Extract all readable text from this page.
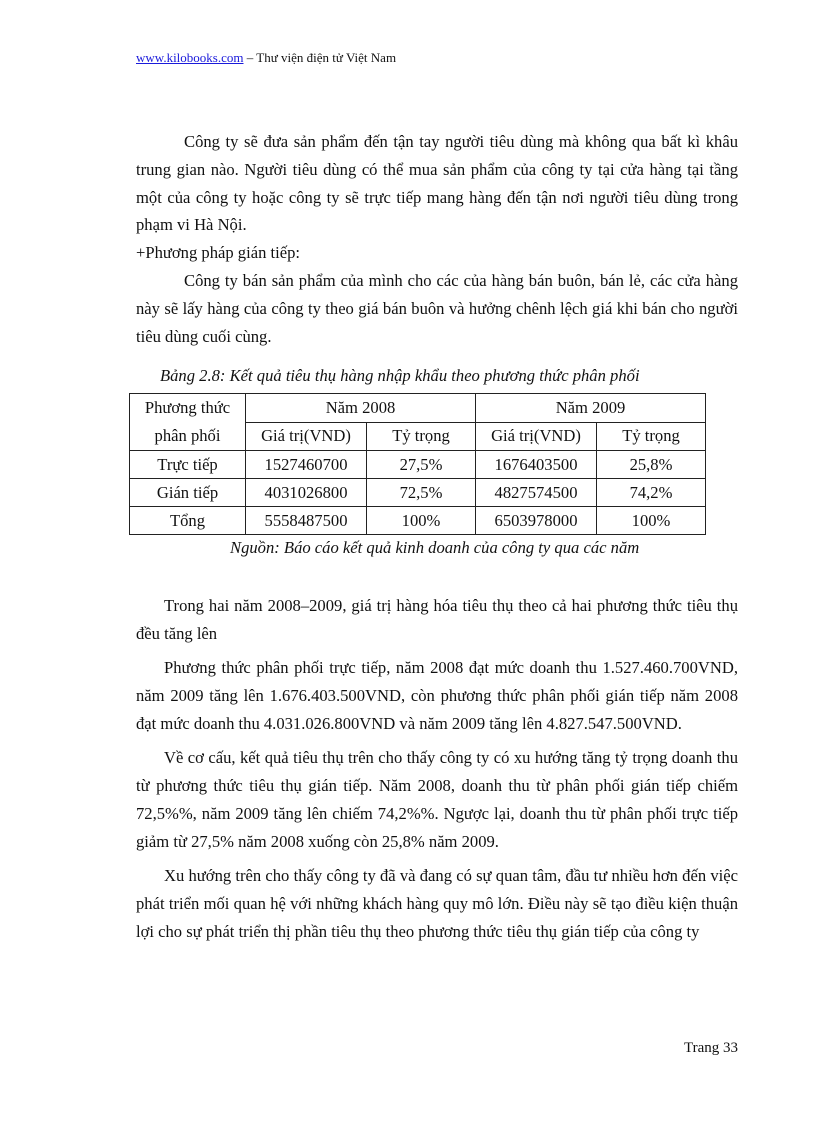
www.kilobooks.com – Thư viện điện tử Việt Nam

Công ty sẽ đưa sản phẩm đến tận tay người tiêu dùng mà không qua bất kì khâu trung gian nào. Người tiêu dùng có thể mua sản phẩm của công ty tại cửa hàng tại tầng một của công ty hoặc công ty sẽ trực tiếp mang hàng đến tận nơi người tiêu dùng trong phạm vi Hà Nội.

+Phương pháp gián tiếp:

Công ty bán sản phẩm của mình cho các của hàng bán buôn, bán lẻ, các cửa hàng này sẽ lấy hàng của công ty theo giá bán buôn và hưởng chênh lệch giá khi bán cho người tiêu dùng cuối cùng.

Bảng 2.8: Kết quả tiêu thụ hàng nhập khẩu theo phương thức phân phối
Phương thức
phân phối	Năm 2008		Năm 2009	
	Giá trị(VND)	Tỷ trọng	Giá trị(VND)	Tỷ trọng
Trực tiếp	1527460700	27,5%	1676403500	25,8%
Gián tiếp	4031026800	72,5%	4827574500	74,2%
Tổng	5558487500	100%	6503978000	100%
Nguồn: Báo cáo kết quả kinh doanh của công ty qua các năm

Trong hai năm 2008–2009, giá trị hàng hóa tiêu thụ theo cả hai phương thức tiêu thụ đều tăng lên

Phương thức phân phối trực tiếp, năm 2008 đạt mức doanh thu 1.527.460.700VND, năm 2009 tăng lên 1.676.403.500VND, còn phương thức phân phối gián tiếp năm 2008 đạt mức doanh thu 4.031.026.800VND và năm 2009 tăng lên 4.827.547.500VND.

Về cơ cấu, kết quả tiêu thụ trên cho thấy công ty có xu hướng tăng tỷ trọng doanh thu từ phương thức tiêu thụ gián tiếp. Năm 2008, doanh thu từ phân phối gián tiếp chiếm 72,5%%, năm 2009 tăng lên chiếm 74,2%%. Ngược lại, doanh thu từ phân phối trực tiếp giảm từ 27,5% năm 2008 xuống còn 25,8% năm 2009.

Xu hướng trên cho thấy công ty đã và đang có sự quan tâm, đầu tư nhiều hơn đến việc phát triển mối quan hệ với những khách hàng quy mô lớn. Điều này sẽ tạo điều kiện thuận lợi cho sự phát triển thị phần tiêu thụ theo phương thức tiêu thụ gián tiếp của công ty

Trang 33
